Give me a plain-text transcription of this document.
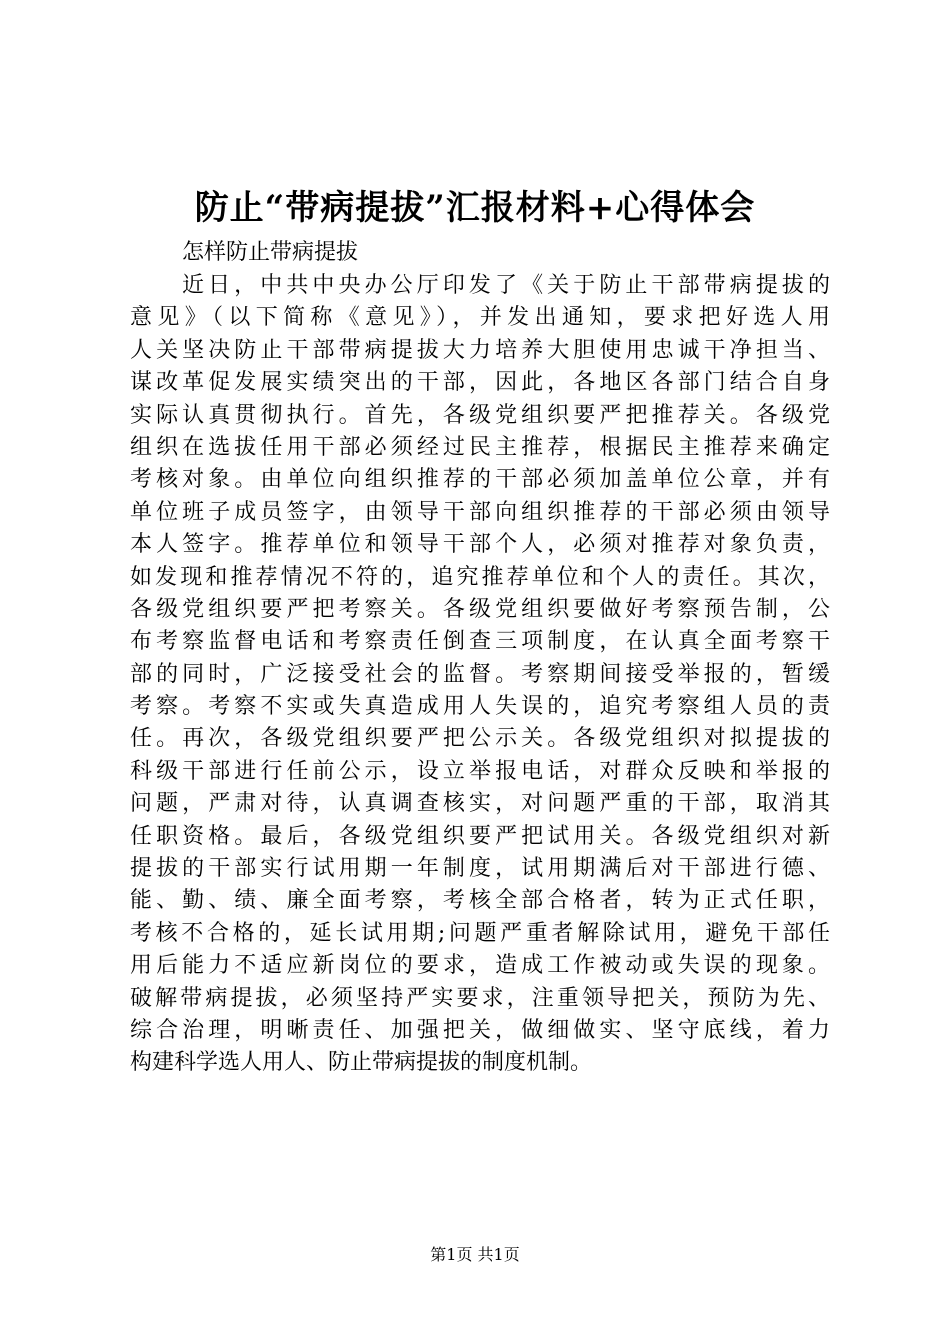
防止“带病提拔”汇报材料+心得体会

怎样防止带病提拔

近日，中共中央办公厅印发了《关于防止干部带病提拔的
意见》（以下简称《意见》），并发出通知，要求把好选人用
人关坚决防止干部带病提拔大力培养大胆使用忠诚干净担当、
谋改革促发展实绩突出的干部，因此，各地区各部门结合自身
实际认真贯彻执行。首先，各级党组织要严把推荐关。各级党
组织在选拔任用干部必须经过民主推荐，根据民主推荐来确定
考核对象。由单位向组织推荐的干部必须加盖单位公章，并有
单位班子成员签字，由领导干部向组织推荐的干部必须由领导
本人签字。推荐单位和领导干部个人，必须对推荐对象负责，
如发现和推荐情况不符的，追究推荐单位和个人的责任。其次，
各级党组织要严把考察关。各级党组织要做好考察预告制，公
布考察监督电话和考察责任倒查三项制度，在认真全面考察干
部的同时，广泛接受社会的监督。考察期间接受举报的，暂缓
考察。考察不实或失真造成用人失误的，追究考察组人员的责
任。再次，各级党组织要严把公示关。各级党组织对拟提拔的
科级干部进行任前公示，设立举报电话，对群众反映和举报的
问题，严肃对待，认真调查核实，对问题严重的干部，取消其
任职资格。最后，各级党组织要严把试用关。各级党组织对新
提拔的干部实行试用期一年制度，试用期满后对干部进行德、
能、勤、绩、廉全面考察，考核全部合格者，转为正式任职，
考核不合格的，延长试用期;问题严重者解除试用，避免干部任
用后能力不适应新岗位的要求，造成工作被动或失误的现象。
破解带病提拔，必须坚持严实要求，注重领导把关，预防为先、
综合治理，明晰责任、加强把关，做细做实、坚守底线，着力
构建科学选人用人、防止带病提拔的制度机制。

第1页 共1页
